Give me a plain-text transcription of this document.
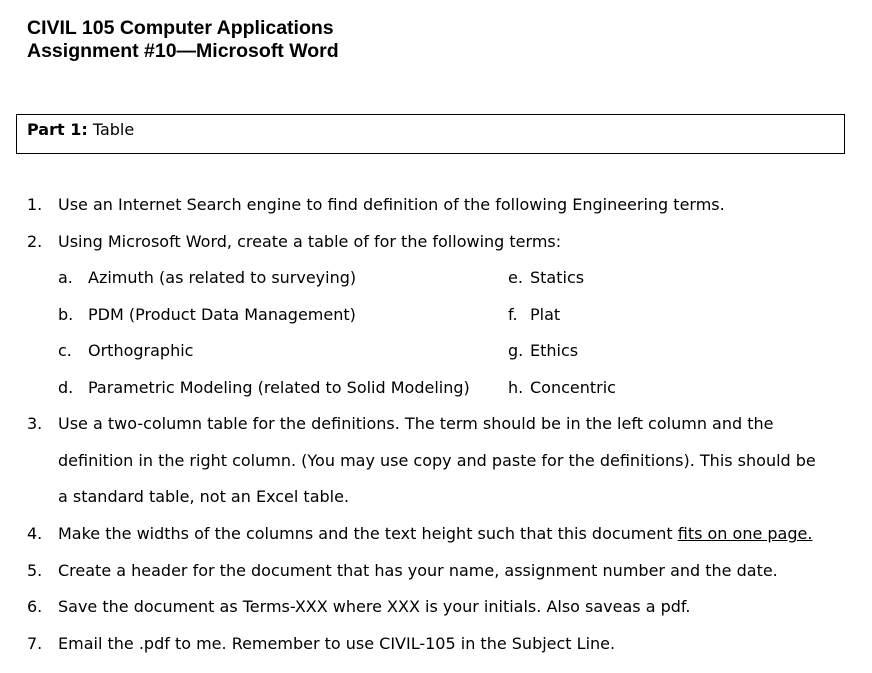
CIVIL 105 Computer Applications
Assignment #10—Microsoft Word
Part 1: Table
1. Use an Internet Search engine to find definition of the following Engineering terms.
2. Using Microsoft Word, create a table of for the following terms:
a. Azimuth (as related to surveying)	e. Statics
b. PDM (Product Data Management)	f. Plat
c. Orthographic	g. Ethics
d. Parametric Modeling (related to Solid Modeling) h. Concentric
3. Use a two-column table for the definitions. The term should be in the left column and the
definition in the right column. (You may use copy and paste for the definitions). This should be
a standard table, not an Excel table.
4. Make the widths of the columns and the text height such that this document fits on one page.
5. Create a header for the document that has your name, assignment number and the date.
6. Save the document as Terms-XXX where XXX is your initials. Also saveas a pdf.
7. Email the .pdf to me. Remember to use CIVIL-105 in the Subject Line.
